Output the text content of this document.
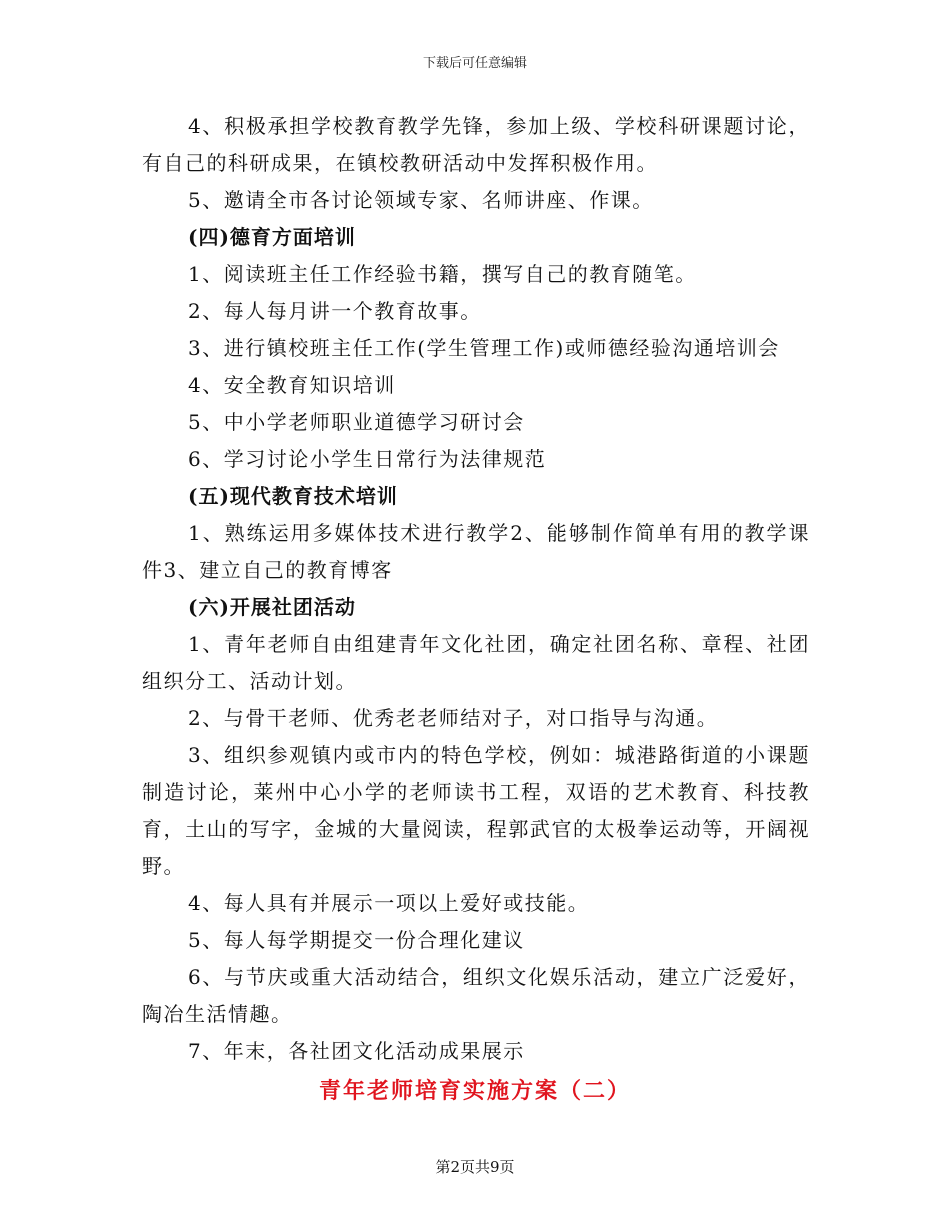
下载后可任意编辑

4、积极承担学校教育教学先锋，参加上级、学校科研课题讨论，有自己的科研成果，在镇校教研活动中发挥积极作用。

5、邀请全市各讨论领域专家、名师讲座、作课。

(四)德育方面培训

1、阅读班主任工作经验书籍，撰写自己的教育随笔。

2、每人每月讲一个教育故事。

3、进行镇校班主任工作(学生管理工作)或师德经验沟通培训会

4、安全教育知识培训

5、中小学老师职业道德学习研讨会

6、学习讨论小学生日常行为法律规范

(五)现代教育技术培训

1、熟练运用多媒体技术进行教学2、能够制作简单有用的教学课件3、建立自己的教育博客

(六)开展社团活动

1、青年老师自由组建青年文化社团，确定社团名称、章程、社团组织分工、活动计划。

2、与骨干老师、优秀老老师结对子，对口指导与沟通。

3、组织参观镇内或市内的特色学校，例如：城港路街道的小课题制造讨论，莱州中心小学的老师读书工程，双语的艺术教育、科技教育，土山的写字，金城的大量阅读，程郭武官的太极拳运动等，开阔视野。

4、每人具有并展示一项以上爱好或技能。

5、每人每学期提交一份合理化建议

6、与节庆或重大活动结合，组织文化娱乐活动，建立广泛爱好，陶冶生活情趣。

7、年末，各社团文化活动成果展示

青年老师培育实施方案（二）
第2页共9页
